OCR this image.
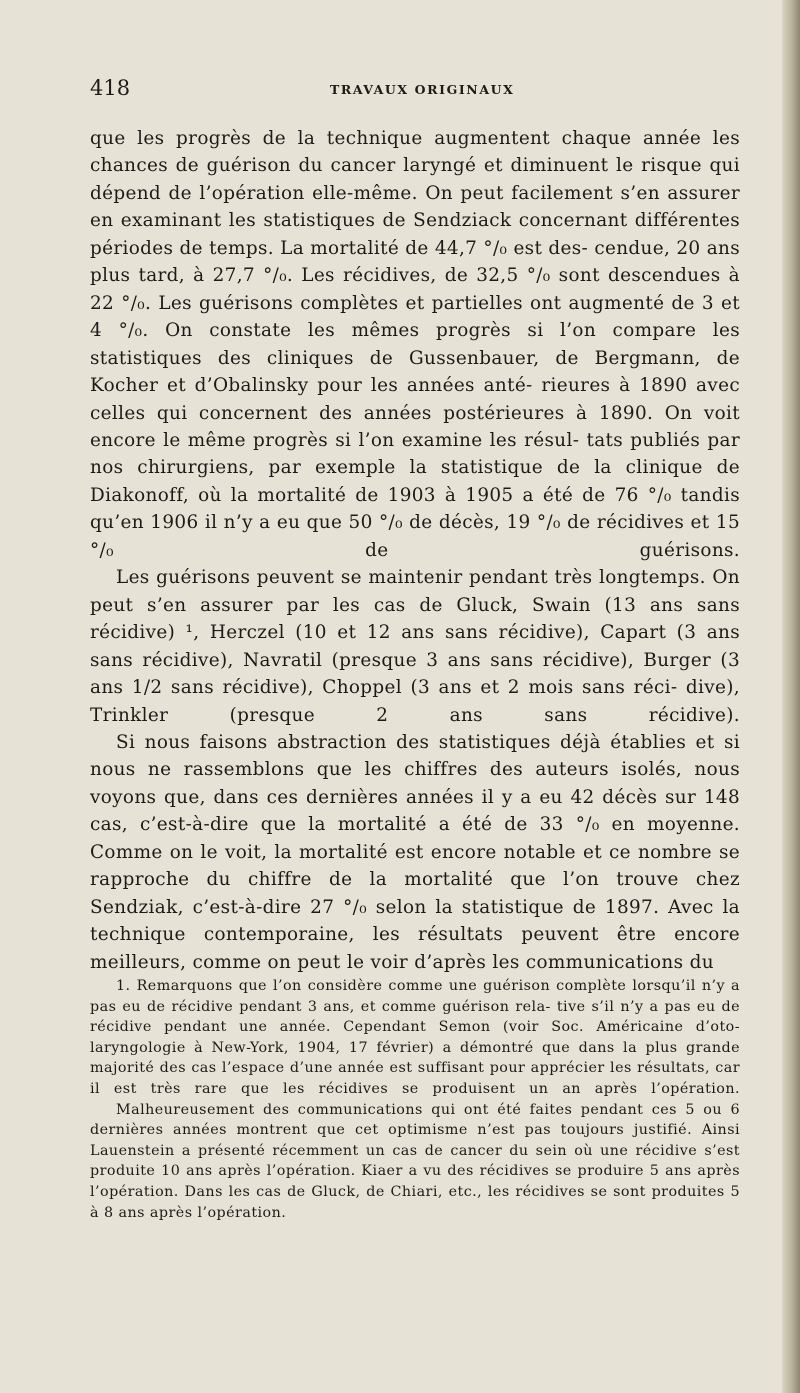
418	TRAVAUX ORIGINAUX

que les progrès de la technique augmentent chaque année les chances de guérison du cancer laryngé et diminuent le risque qui dépend de l’opération elle-même. On peut facilement s’en assurer en examinant les statistiques de Sendziack concernant différentes périodes de temps. La mortalité de 44,7 °/₀ est des- cendue, 20 ans plus tard, à 27,7 °/₀. Les récidives, de 32,5 °/₀ sont descendues à 22 °/₀. Les guérisons complètes et partielles ont augmenté de 3 et 4 °/₀. On constate les mêmes progrès si l’on compare les statistiques des cliniques de Gussenbauer, de Bergmann, de Kocher et d’Obalinsky pour les années anté- rieures à 1890 avec celles qui concernent des années postérieures à 1890. On voit encore le même progrès si l’on examine les résul- tats publiés par nos chirurgiens, par exemple la statistique de la clinique de Diakonoff, où la mortalité de 1903 à 1905 a été de 76 °/₀ tandis qu’en 1906 il n’y a eu que 50 °/₀ de décès, 19 °/₀ de récidives et 15 °/₀ de guérisons.

Les guérisons peuvent se maintenir pendant très longtemps. On peut s’en assurer par les cas de Gluck, Swain (13 ans sans récidive) ¹, Herczel (10 et 12 ans sans récidive), Capart (3 ans sans récidive), Navratil (presque 3 ans sans récidive), Burger (3 ans 1/2 sans récidive), Choppel (3 ans et 2 mois sans réci- dive), Trinkler (presque 2 ans sans récidive).

Si nous faisons abstraction des statistiques déjà établies et si nous ne rassemblons que les chiffres des auteurs isolés, nous voyons que, dans ces dernières années il y a eu 42 décès sur 148 cas, c’est-à-dire que la mortalité a été de 33 °/₀ en moyenne. Comme on le voit, la mortalité est encore notable et ce nombre se rapproche du chiffre de la mortalité que l’on trouve chez Sendziak, c’est-à-dire 27 °/₀ selon la statistique de 1897. Avec la technique contemporaine, les résultats peuvent être encore meilleurs, comme on peut le voir d’après les communications du

1. Remarquons que l’on considère comme une guérison complète lorsqu’il n’y a pas eu de récidive pendant 3 ans, et comme guérison rela- tive s’il n’y a pas eu de récidive pendant une année. Cependant Semon (voir Soc. Américaine d’oto-laryngologie à New-York, 1904, 17 février) a démontré que dans la plus grande majorité des cas l’espace d’une année est suffisant pour apprécier les résultats, car il est très rare que les récidives se produisent un an après l’opération.

Malheureusement des communications qui ont été faites pendant ces 5 ou 6 dernières années montrent que cet optimisme n’est pas toujours justifié. Ainsi Lauenstein a présenté récemment un cas de cancer du sein où une récidive s’est produite 10 ans après l’opération. Kiaer a vu des récidives se produire 5 ans après l’opération. Dans les cas de Gluck, de Chiari, etc., les récidives se sont produites 5 à 8 ans après l’opération.
